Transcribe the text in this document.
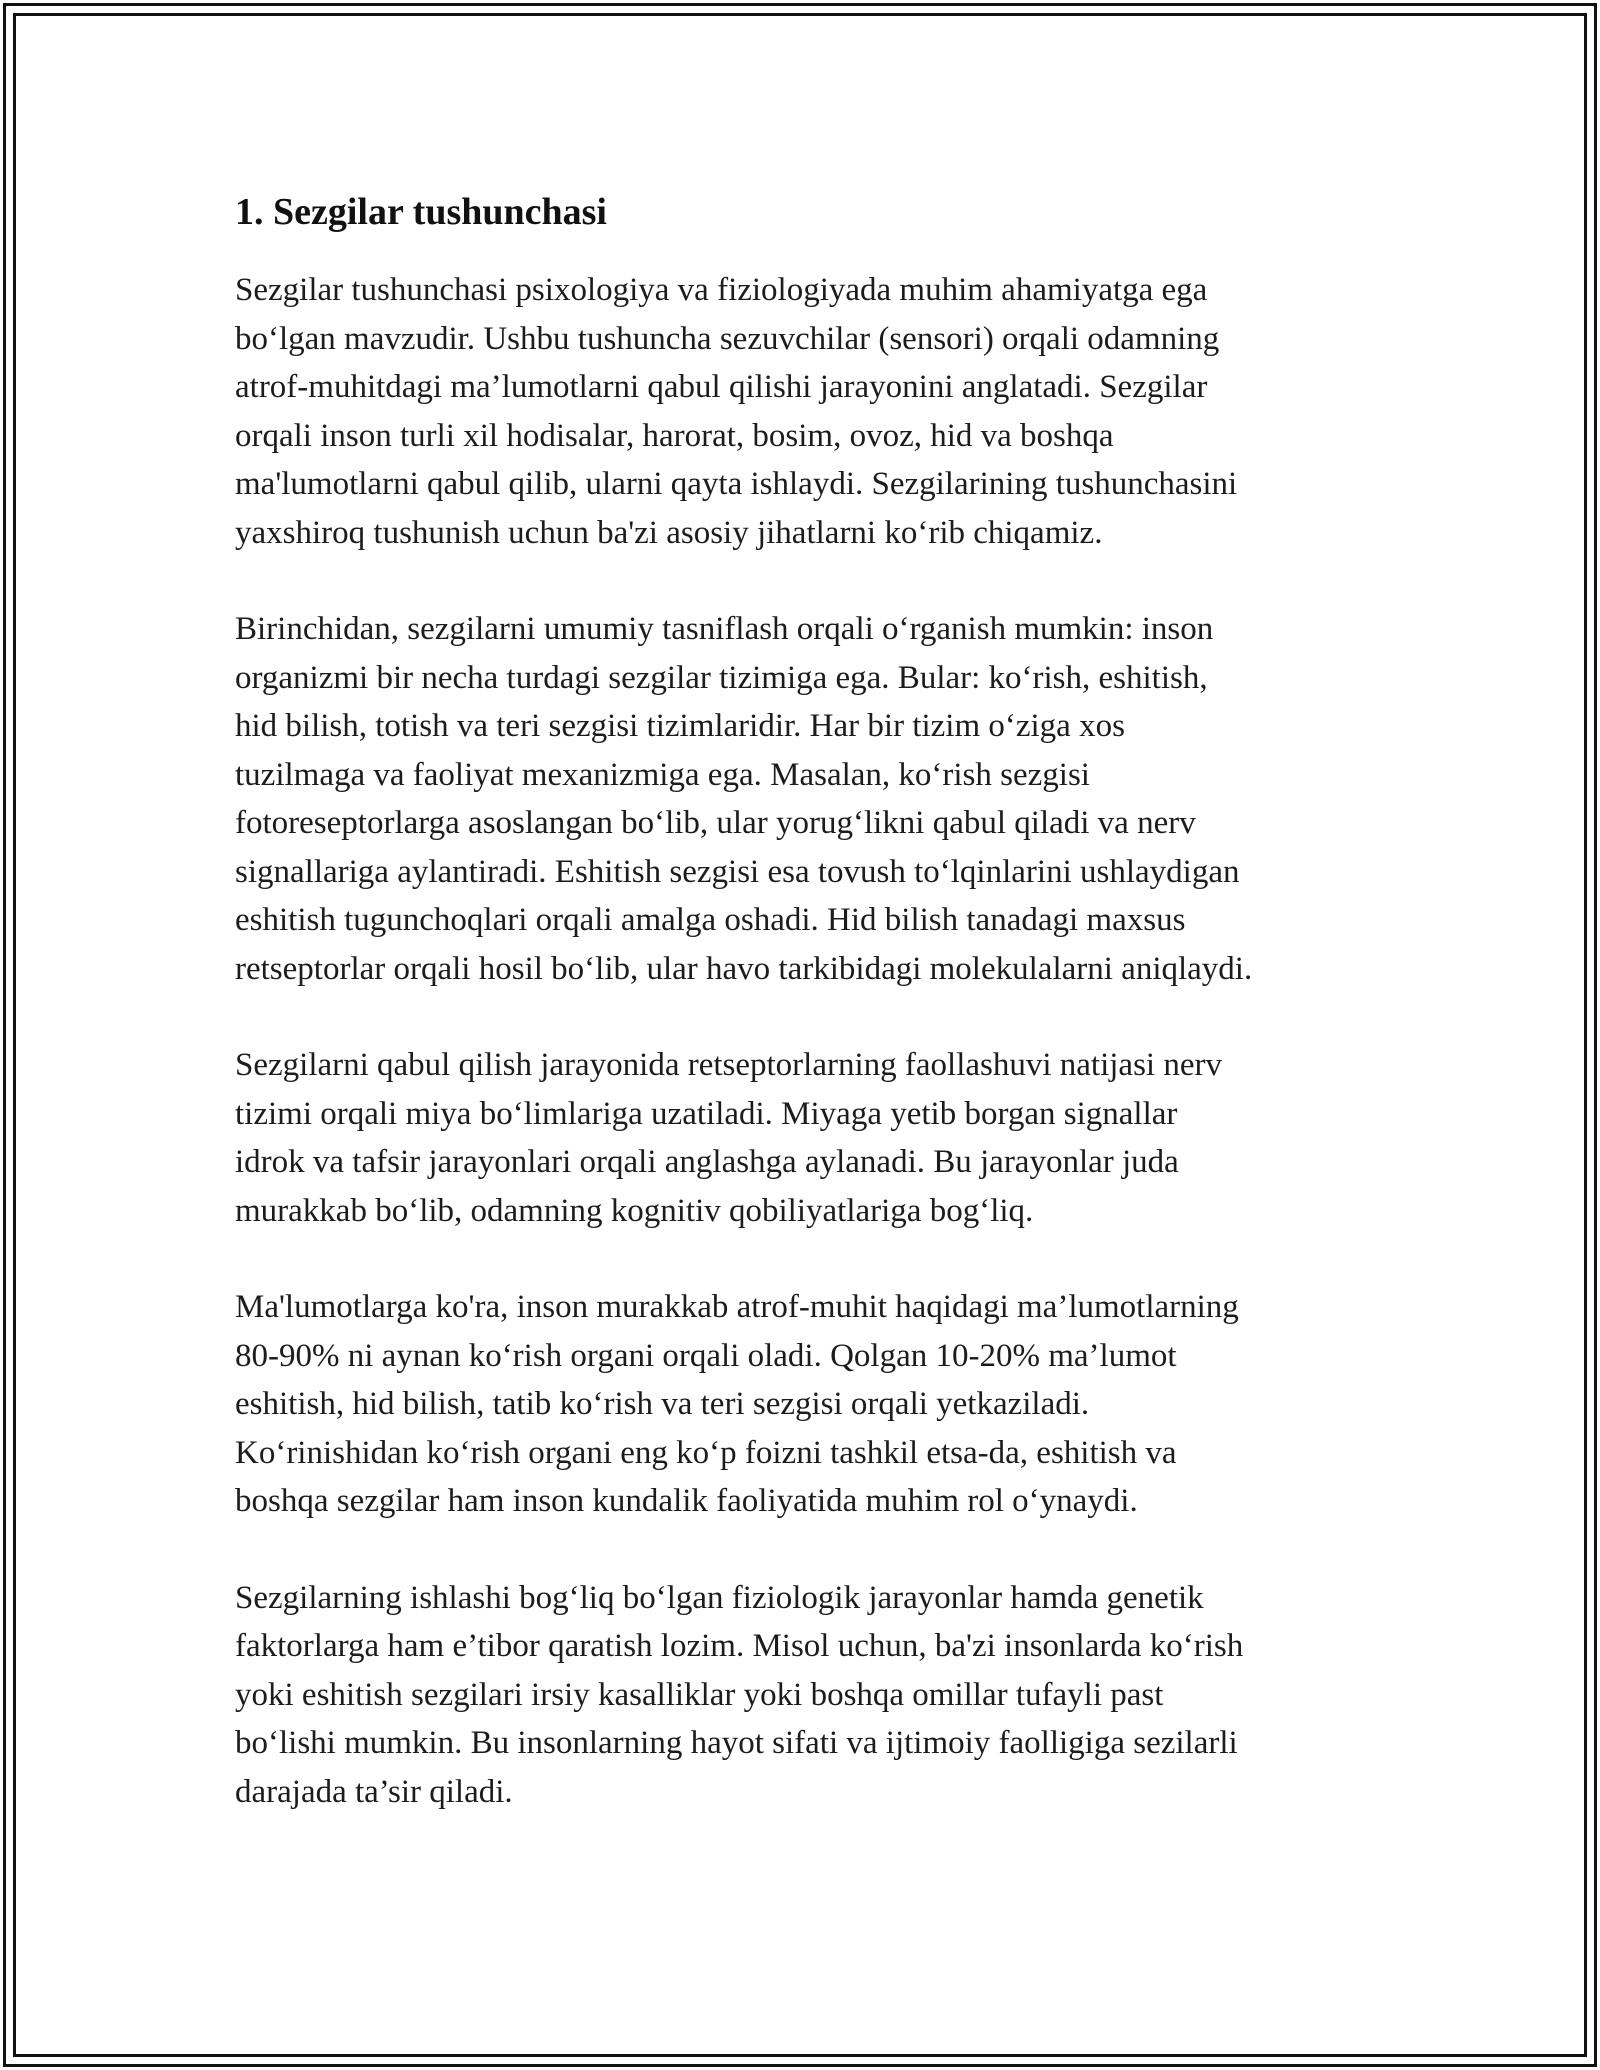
1. Sezgilar tushunchasi

Sezgilar tushunchasi psixologiya va fiziologiyada muhim ahamiyatga ega
bo‘lgan mavzudir. Ushbu tushuncha sezuvchilar (sensori) orqali odamning
atrof-muhitdagi ma’lumotlarni qabul qilishi jarayonini anglatadi. Sezgilar
orqali inson turli xil hodisalar, harorat, bosim, ovoz, hid va boshqa
ma'lumotlarni qabul qilib, ularni qayta ishlaydi. Sezgilarining tushunchasini
yaxshiroq tushunish uchun ba'zi asosiy jihatlarni ko‘rib chiqamiz.

Birinchidan, sezgilarni umumiy tasniflash orqali o‘rganish mumkin: inson
organizmi bir necha turdagi sezgilar tizimiga ega. Bular: ko‘rish, eshitish,
hid bilish, totish va teri sezgisi tizimlaridir. Har bir tizim o‘ziga xos
tuzilmaga va faoliyat mexanizmiga ega. Masalan, ko‘rish sezgisi
fotoreseptorlarga asoslangan bo‘lib, ular yorug‘likni qabul qiladi va nerv
signallariga aylantiradi. Eshitish sezgisi esa tovush to‘lqinlarini ushlaydigan
eshitish tugunchoqlari orqali amalga oshadi. Hid bilish tanadagi maxsus
retseptorlar orqali hosil bo‘lib, ular havo tarkibidagi molekulalarni aniqlaydi.

Sezgilarni qabul qilish jarayonida retseptorlarning faollashuvi natijasi nerv
tizimi orqali miya bo‘limlariga uzatiladi. Miyaga yetib borgan signallar
idrok va tafsir jarayonlari orqali anglashga aylanadi. Bu jarayonlar juda
murakkab bo‘lib, odamning kognitiv qobiliyatlariga bog‘liq.

Ma'lumotlarga ko'ra, inson murakkab atrof-muhit haqidagi ma’lumotlarning
80-90% ni aynan ko‘rish organi orqali oladi. Qolgan 10-20% ma’lumot
eshitish, hid bilish, tatib ko‘rish va teri sezgisi orqali yetkaziladi.
Ko‘rinishidan ko‘rish organi eng ko‘p foizni tashkil etsa-da, eshitish va
boshqa sezgilar ham inson kundalik faoliyatida muhim rol o‘ynaydi.

Sezgilarning ishlashi bog‘liq bo‘lgan fiziologik jarayonlar hamda genetik
faktorlarga ham e’tibor qaratish lozim. Misol uchun, ba'zi insonlarda ko‘rish
yoki eshitish sezgilari irsiy kasalliklar yoki boshqa omillar tufayli past
bo‘lishi mumkin. Bu insonlarning hayot sifati va ijtimoiy faolligiga sezilarli
darajada ta’sir qiladi.
